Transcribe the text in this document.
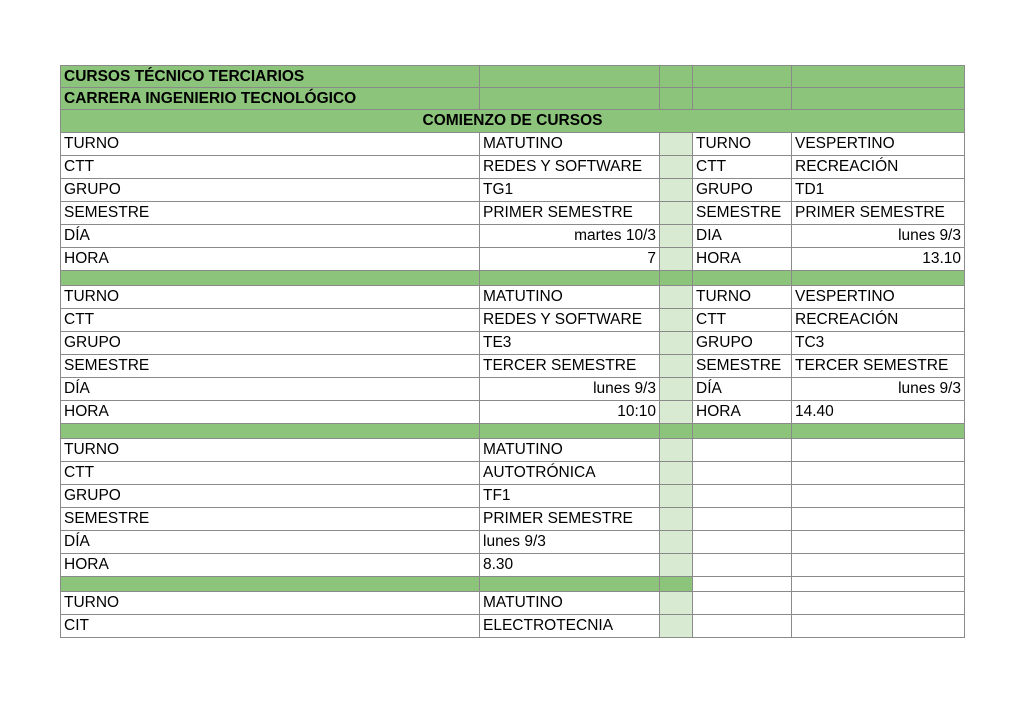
CURSOS TÉCNICO TERCIARIOS				
CARRERA INGENIERIO TECNOLÓGICO				
COMIENZO DE CURSOS				
TURNO	MATUTINO		TURNO	VESPERTINO
CTT	REDES Y SOFTWARE		CTT	RECREACIÓN
GRUPO	TG1		GRUPO	TD1
SEMESTRE	PRIMER SEMESTRE		SEMESTRE	PRIMER SEMESTRE
DÍA	martes 10/3		DIA	lunes 9/3
HORA	7		HORA	13.10

TURNO	MATUTINO		TURNO	VESPERTINO
CTT	REDES Y SOFTWARE		CTT	RECREACIÓN
GRUPO	TE3		GRUPO	TC3
SEMESTRE	TERCER SEMESTRE		SEMESTRE	TERCER SEMESTRE
DÍA	lunes 9/3		DÍA	lunes 9/3
HORA	10:10		HORA	14.40

TURNO	MATUTINO			
CTT	AUTOTRÓNICA			
GRUPO	TF1			
SEMESTRE	PRIMER SEMESTRE			
DÍA	lunes 9/3			
HORA	8.30			

TURNO	MATUTINO			
CIT	ELECTROTECNIA			
